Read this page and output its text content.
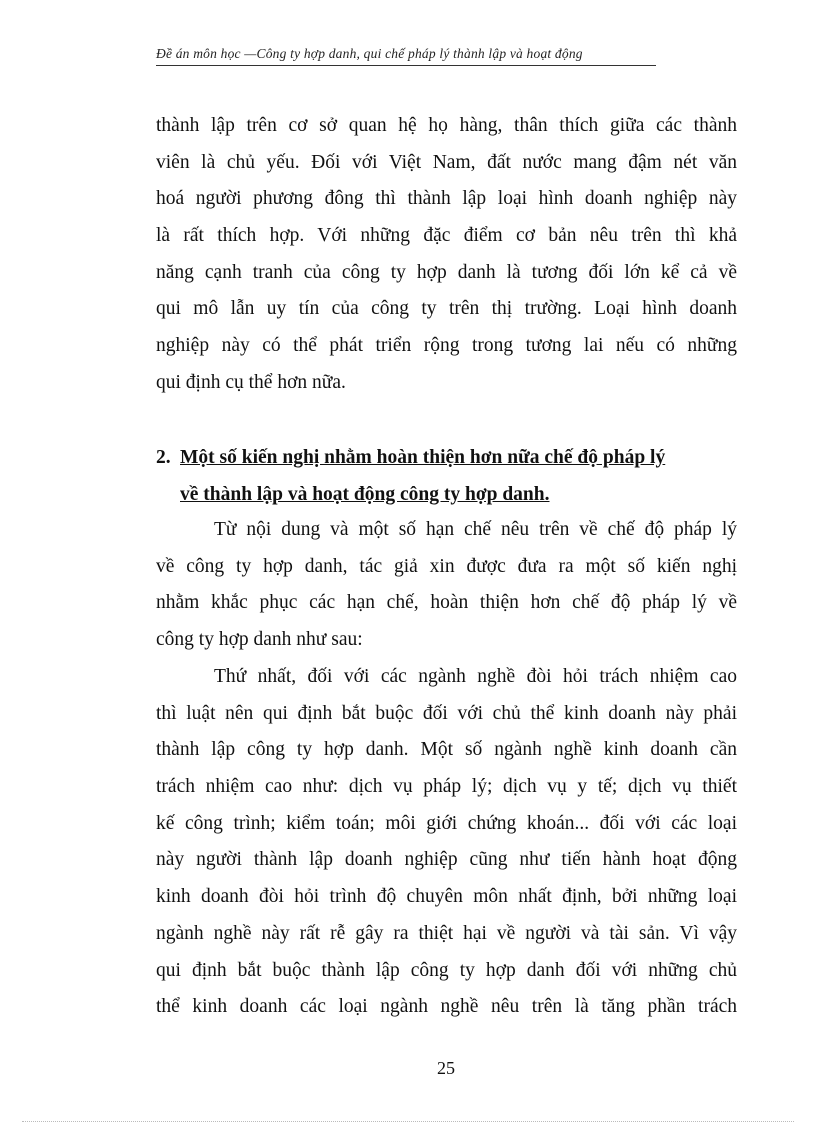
Đề án môn học —Công ty hợp danh, qui chế pháp lý thành lập và hoạt động
thành lập trên cơ sở quan hệ họ hàng, thân thích giữa các thành
viên là chủ yếu. Đối với Việt Nam, đất nước mang đậm nét văn
hoá người phương đông thì thành lập loại hình doanh nghiệp này
là rất thích hợp. Với những đặc điểm cơ bản nêu trên thì khả
năng cạnh tranh của công ty hợp danh là tương đối lớn kể cả về
qui mô lẫn uy tín của công ty trên thị trường. Loại hình doanh
nghiệp này có thể phát triển rộng trong tương lai nếu có những
qui định cụ thể hơn nữa.
2. Một số kiến nghị nhằm hoàn thiện hơn nữa chế độ pháp lý
về thành lập và hoạt động công ty hợp danh.
Từ nội dung và một số hạn chế nêu trên về chế độ pháp lý
về công ty hợp danh, tác giả xin được đưa ra một số kiến nghị
nhằm khắc phục các hạn chế, hoàn thiện hơn chế độ pháp lý về
công ty hợp danh như sau:
Thứ nhất, đối với các ngành nghề đòi hỏi trách nhiệm cao
thì luật nên qui định bắt buộc đối với chủ thể kinh doanh này phải
thành lập công ty hợp danh. Một số ngành nghề kinh doanh cần
trách nhiệm cao như: dịch vụ pháp lý; dịch vụ y tế; dịch vụ thiết
kế công trình; kiểm toán; môi giới chứng khoán... đối với các loại
này người thành lập doanh nghiệp cũng như tiến hành hoạt động
kinh doanh đòi hỏi trình độ chuyên môn nhất định, bởi những loại
ngành nghề này rất rễ gây ra thiệt hại về người và tài sản. Vì vậy
qui định bắt buộc thành lập công ty hợp danh đối với những chủ
thể kinh doanh các loại ngành nghề nêu trên là tăng phần trách
25
